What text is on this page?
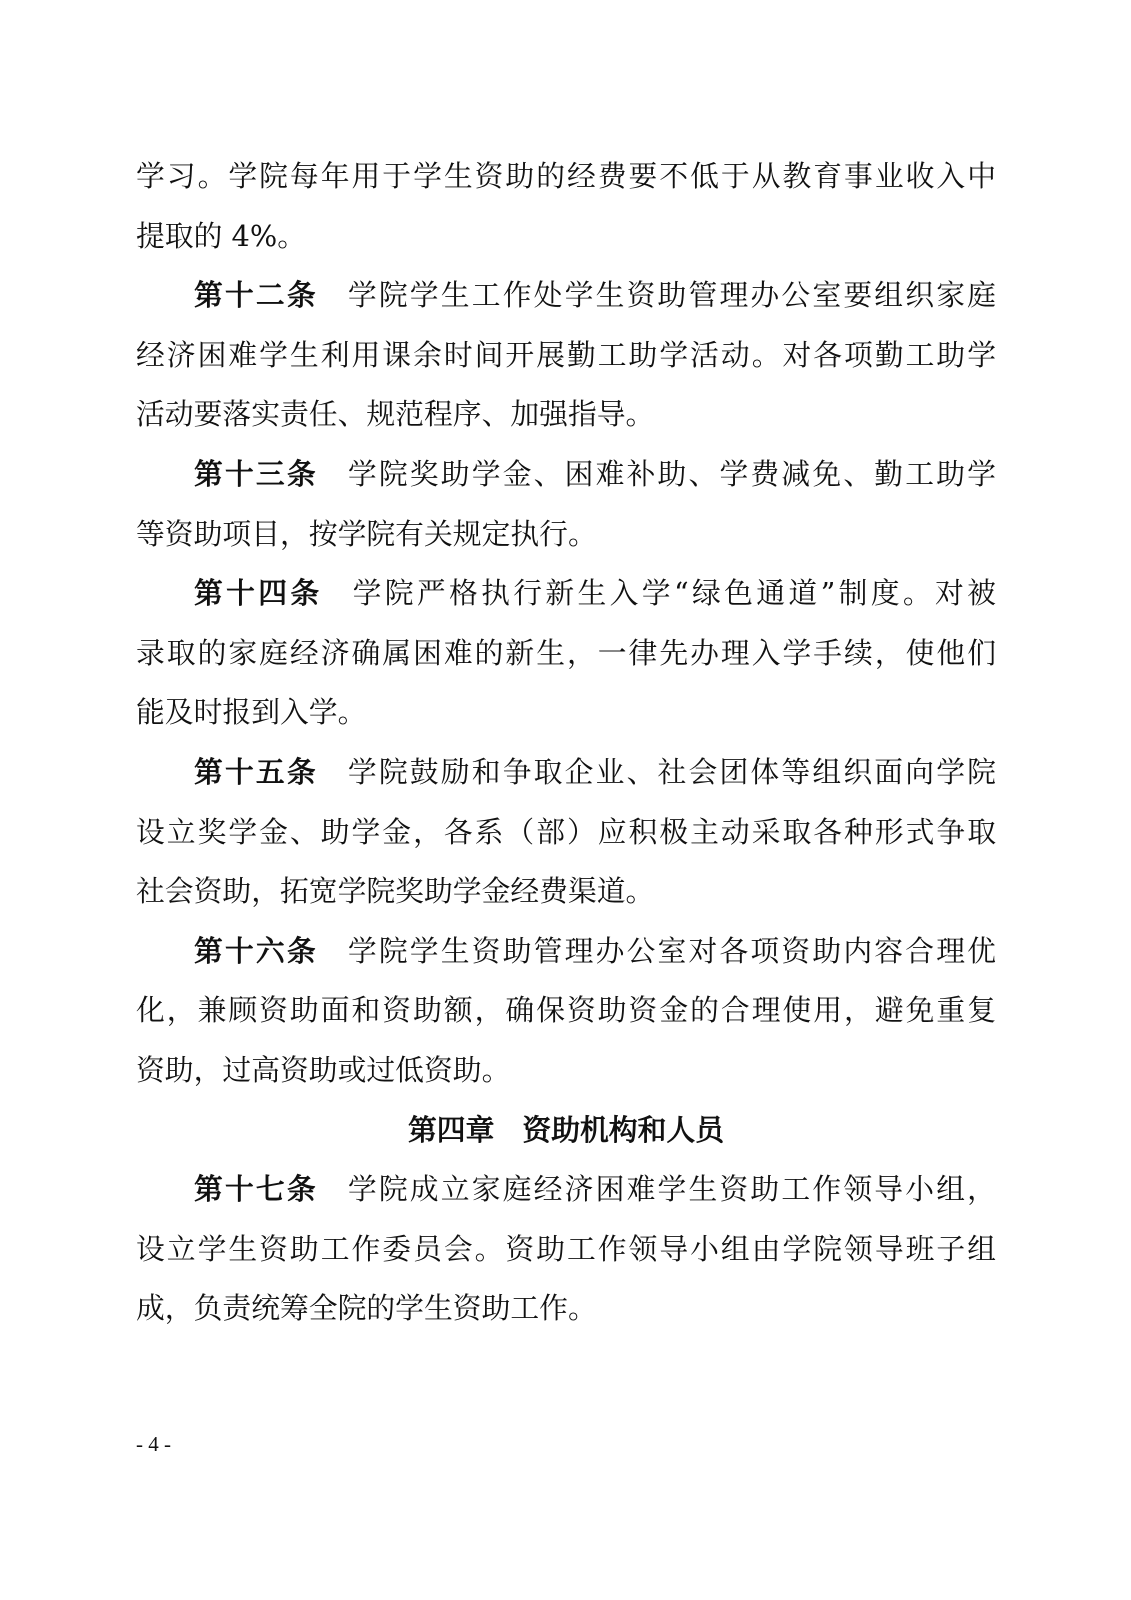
学习。学院每年用于学生资助的经费要不低于从教育事业收入中
提取的 4%。
第十二条 学院学生工作处学生资助管理办公室要组织家庭
经济困难学生利用课余时间开展勤工助学活动。对各项勤工助学
活动要落实责任、规范程序、加强指导。
第十三条 学院奖助学金、困难补助、学费减免、勤工助学
等资助项目，按学院有关规定执行。
第十四条 学院严格执行新生入学“绿色通道”制度。对被
录取的家庭经济确属困难的新生，一律先办理入学手续，使他们
能及时报到入学。
第十五条 学院鼓励和争取企业、社会团体等组织面向学院
设立奖学金、助学金，各系（部）应积极主动采取各种形式争取
社会资助，拓宽学院奖助学金经费渠道。
第十六条 学院学生资助管理办公室对各项资助内容合理优
化，兼顾资助面和资助额，确保资助资金的合理使用，避免重复
资助，过高资助或过低资助。
第四章 资助机构和人员
第十七条 学院成立家庭经济困难学生资助工作领导小组，
设立学生资助工作委员会。资助工作领导小组由学院领导班子组
成，负责统筹全院的学生资助工作。
- 4 -
